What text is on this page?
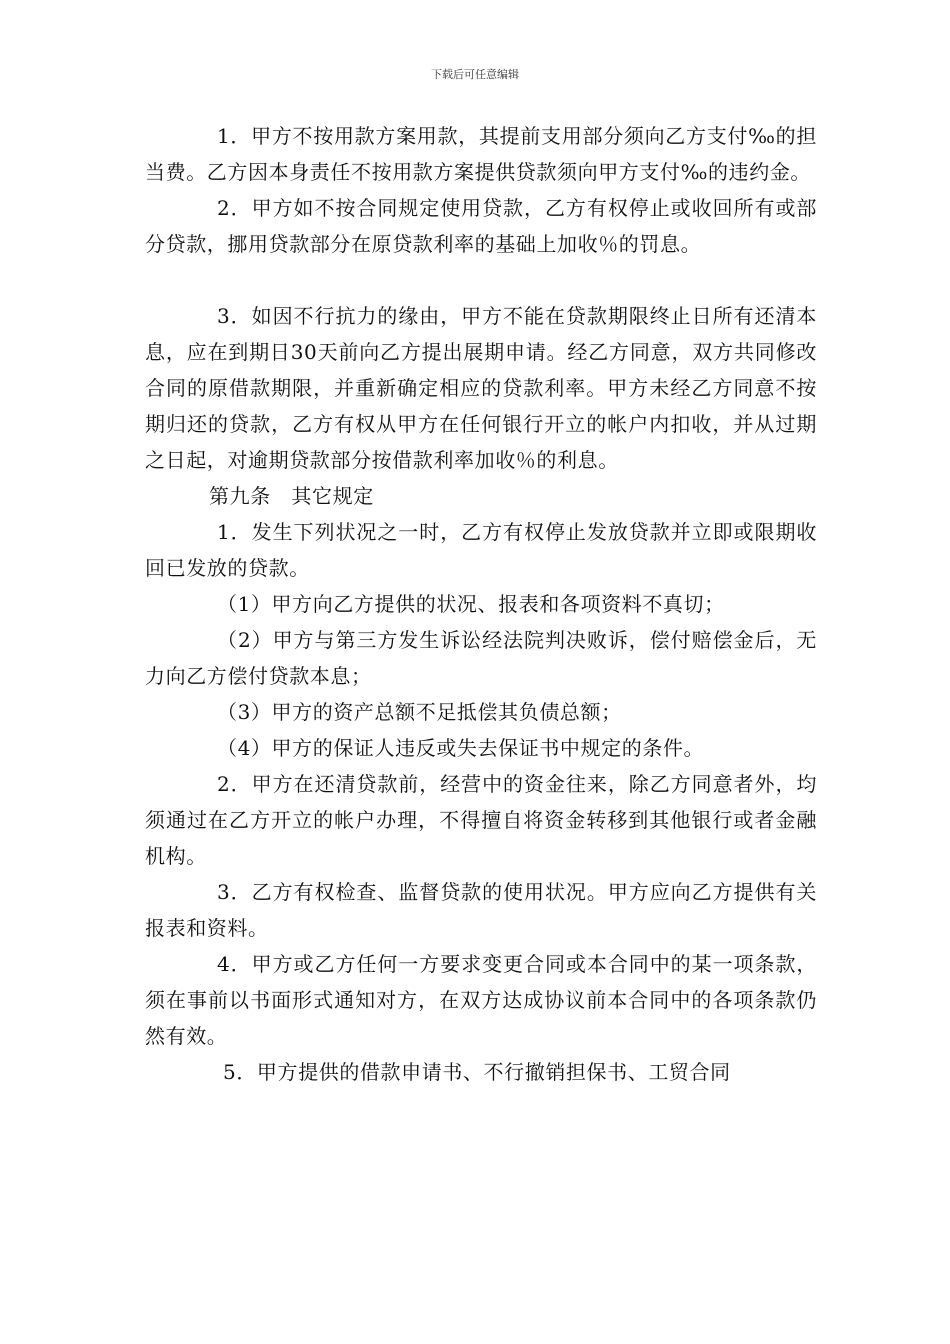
下载后可任意编辑

1．甲方不按用款方案用款，其提前支用部分须向乙方支付‰的担当费。乙方因本身责任不按用款方案提供贷款须向甲方支付‰的违约金。

2．甲方如不按合同规定使用贷款，乙方有权停止或收回所有或部分贷款，挪用贷款部分在原贷款利率的基础上加收％的罚息。

3．如因不行抗力的缘由，甲方不能在贷款期限终止日所有还清本息，应在到期日30天前向乙方提出展期申请。经乙方同意，双方共同修改合同的原借款期限，并重新确定相应的贷款利率。甲方未经乙方同意不按期归还的贷款，乙方有权从甲方在任何银行开立的帐户内扣收，并从过期之日起，对逾期贷款部分按借款利率加收％的利息。

第九条　其它规定

1．发生下列状况之一时，乙方有权停止发放贷款并立即或限期收回已发放的贷款。

（1）甲方向乙方提供的状况、报表和各项资料不真切；

（2）甲方与第三方发生诉讼经法院判决败诉，偿付赔偿金后，无力向乙方偿付贷款本息；

（3）甲方的资产总额不足抵偿其负债总额；

（4）甲方的保证人违反或失去保证书中规定的条件。

2．甲方在还清贷款前，经营中的资金往来，除乙方同意者外，均须通过在乙方开立的帐户办理，不得擅自将资金转移到其他银行或者金融机构。

3．乙方有权检查、监督贷款的使用状况。甲方应向乙方提供有关报表和资料。

4．甲方或乙方任何一方要求变更合同或本合同中的某一项条款，须在事前以书面形式通知对方，在双方达成协议前本合同中的各项条款仍然有效。

5．甲方提供的借款申请书、不行撤销担保书、工贸合同
